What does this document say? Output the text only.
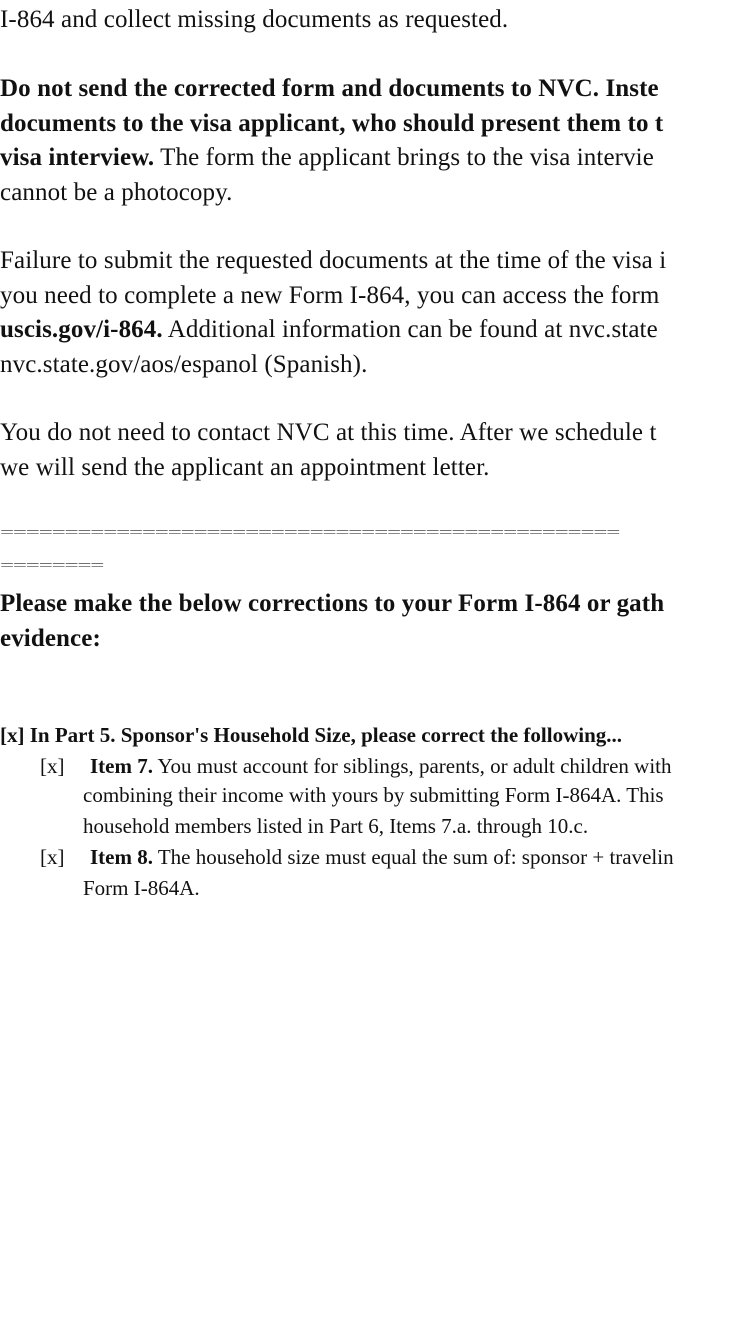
I-864 and collect missing documents as requested.
Do not send the corrected form and documents to NVC. Inste
documents to the visa applicant, who should present them to t
visa interview. The form the applicant brings to the visa intervie
cannot be a photocopy.
Failure to submit the requested documents at the time of the visa i
you need to complete a new Form I-864, you can access the form
uscis.gov/i-864. Additional information can be found at nvc.state
nvc.state.gov/aos/espanol (Spanish).
You do not need to contact NVC at this time. After we schedule t
we will send the applicant an appointment letter.
================================================
========
Please make the below corrections to your Form I-864 or gath
evidence:
[x] In Part 5. Sponsor's Household Size, please correct the following...
[x] Item 7. You must account for siblings, parents, or adult children with
combining their income with yours by submitting Form I-864A. This
household members listed in Part 6, Items 7.a. through 10.c.
[x] Item 8. The household size must equal the sum of: sponsor + travelin
Form I-864A.
